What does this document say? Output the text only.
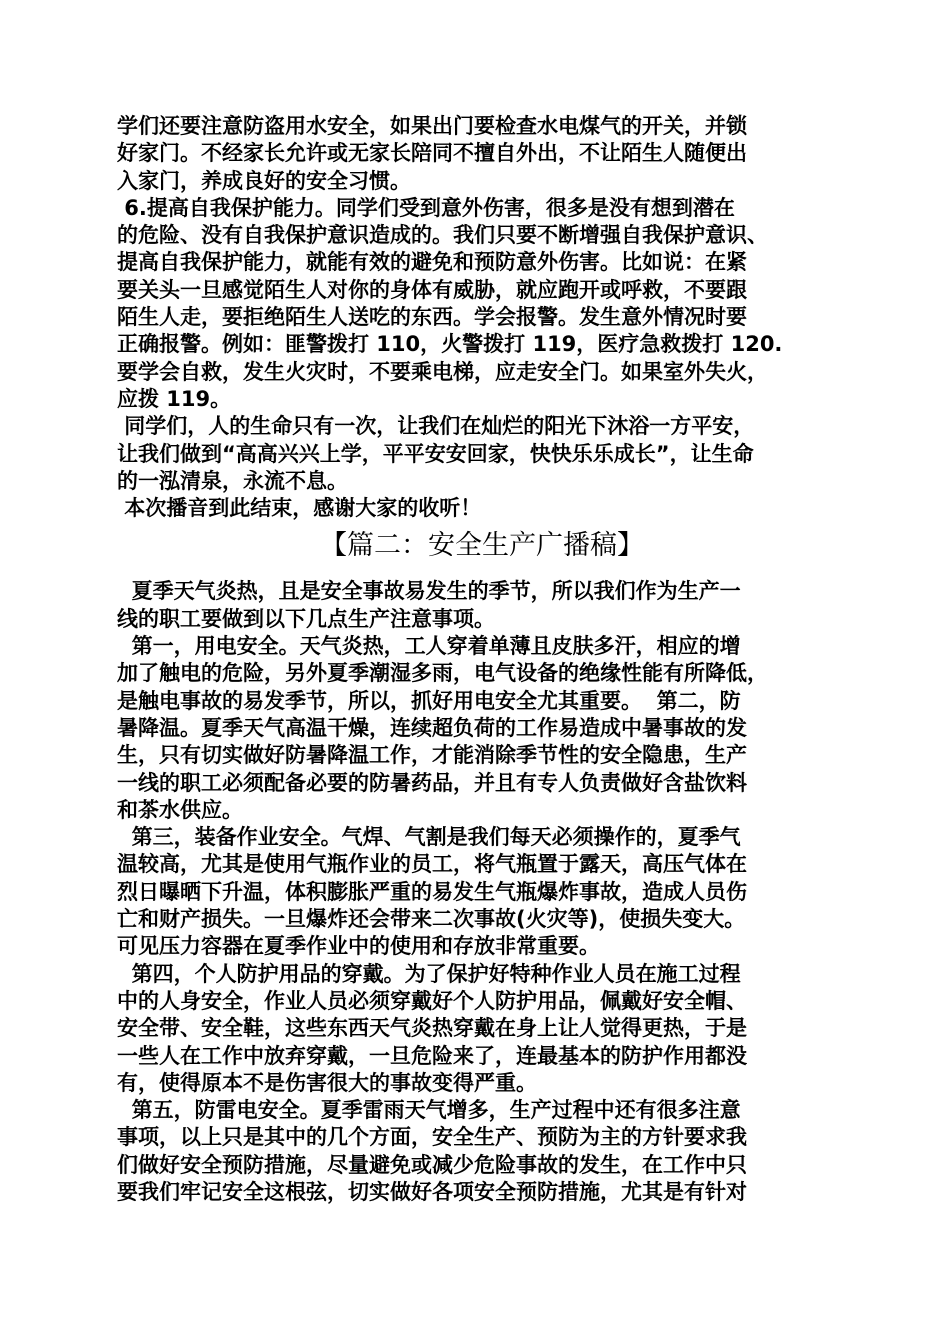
学们还要注意防盗用水安全，如果出门要检查水电煤气的开关，并锁
好家门。不经家长允许或无家长陪同不擅自外出，不让陌生人随便出
入家门，养成良好的安全习惯。
6.提高自我保护能力。同学们受到意外伤害，很多是没有想到潜在
的危险、没有自我保护意识造成的。我们只要不断增强自我保护意识、
提高自我保护能力，就能有效的避免和预防意外伤害。比如说：在紧
要关头一旦感觉陌生人对你的身体有威胁，就应跑开或呼救，不要跟
陌生人走，要拒绝陌生人送吃的东西。学会报警。发生意外情况时要
正确报警。例如：匪警拨打 110，火警拨打 119，医疗急救拨打 120.
要学会自救，发生火灾时，不要乘电梯，应走安全门。如果室外失火，
应拨 119。
同学们，人的生命只有一次，让我们在灿烂的阳光下沐浴一方平安，
让我们做到“高高兴兴上学，平平安安回家，快快乐乐成长”，让生命
的一泓清泉，永流不息。
本次播音到此结束，感谢大家的收听！
【篇二：安全生产广播稿】
夏季天气炎热，且是安全事故易发生的季节，所以我们作为生产一
线的职工要做到以下几点生产注意事项。
第一，用电安全。天气炎热，工人穿着单薄且皮肤多汗，相应的增
加了触电的危险，另外夏季潮湿多雨，电气设备的绝缘性能有所降低，
是触电事故的易发季节，所以，抓好用电安全尤其重要。  第二，防
暑降温。夏季天气高温干燥，连续超负荷的工作易造成中暑事故的发
生，只有切实做好防暑降温工作，才能消除季节性的安全隐患，生产
一线的职工必须配备必要的防暑药品，并且有专人负责做好含盐饮料
和茶水供应。
第三，装备作业安全。气焊、气割是我们每天必须操作的，夏季气
温较高，尤其是使用气瓶作业的员工，将气瓶置于露天，高压气体在
烈日曝晒下升温，体积膨胀严重的易发生气瓶爆炸事故，造成人员伤
亡和财产损失。一旦爆炸还会带来二次事故(火灾等)，使损失变大。
可见压力容器在夏季作业中的使用和存放非常重要。
第四，个人防护用品的穿戴。为了保护好特种作业人员在施工过程
中的人身安全，作业人员必须穿戴好个人防护用品，佩戴好安全帽、
安全带、安全鞋，这些东西天气炎热穿戴在身上让人觉得更热，于是
一些人在工作中放弃穿戴，一旦危险来了，连最基本的防护作用都没
有，使得原本不是伤害很大的事故变得严重。
第五，防雷电安全。夏季雷雨天气增多，生产过程中还有很多注意
事项，以上只是其中的几个方面，安全生产、预防为主的方针要求我
们做好安全预防措施，尽量避免或减少危险事故的发生，在工作中只
要我们牢记安全这根弦，切实做好各项安全预防措施，尤其是有针对
